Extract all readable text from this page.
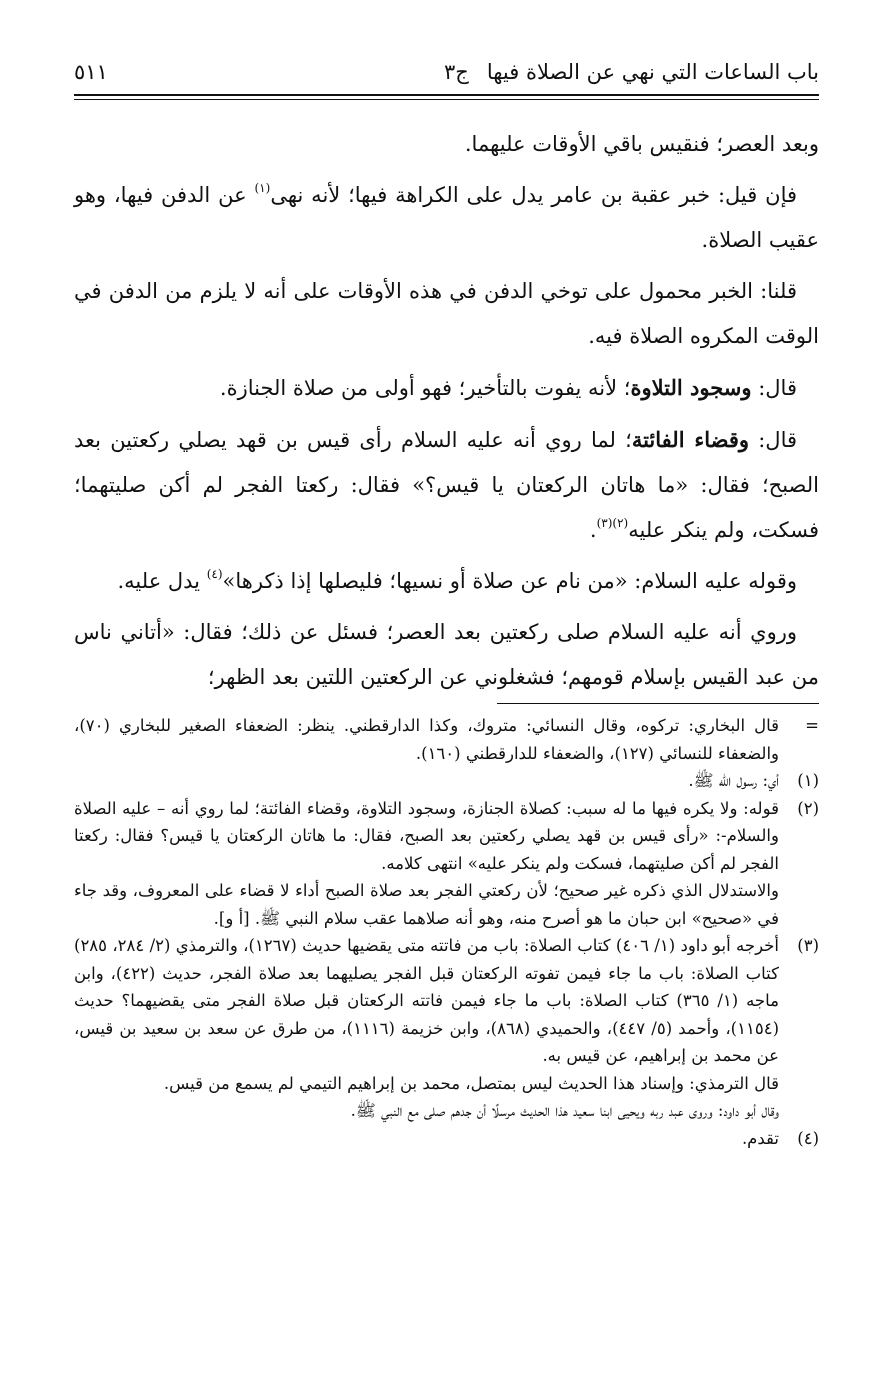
باب الساعات التي نهي عن الصلاة فيها
ج٣
٥١١

وبعد العصر؛ فنقيس باقي الأوقات عليهما.

فإن قيل: خبر عقبة بن عامر يدل على الكراهة فيها؛ لأنه نهى$^{(١)}$ عن الدفن فيها، وهو عقيب الصلاة.

قلنا: الخبر محمول على توخي الدفن في هذه الأوقات على أنه لا يلزم من الدفن في الوقت المكروه الصلاة فيه.

قال: وسجود التلاوة؛ لأنه يفوت بالتأخير؛ فهو أولى من صلاة الجنازة.

قال: وقضاء الفائتة؛ لما روي أنه عليه السلام رأى قيس بن قهد يصلي ركعتين بعد الصبح؛ فقال: «ما هاتان الركعتان يا قيس؟» فقال: ركعتا الفجر لم أكن صليتهما؛ فسكت، ولم ينكر عليه$^{(٢)(٣)}$.

وقوله عليه السلام: «من نام عن صلاة أو نسيها؛ فليصلها إذا ذكرها»$^{(٤)}$ يدل عليه.

وروي أنه عليه السلام صلى ركعتين بعد العصر؛ فسئل عن ذلك؛ فقال: «أتاني ناس من عبد القيس بإسلام قومهم؛ فشغلوني عن الركعتين اللتين بعد الظهر؛

=
قال البخاري: تركوه، وقال النسائي: متروك، وكذا الدارقطني. ينظر: الضعفاء الصغير للبخاري (٧٠)، والضعفاء للنسائي (١٢٧)، والضعفاء للدارقطني (١٦٠).
(١)
أي: رسول الله ﷺ.
(٢)
قوله: ولا يكره فيها ما له سبب: كصلاة الجنازة، وسجود التلاوة، وقضاء الفائتة؛ لما روي أنه – عليه الصلاة والسلام-: «رأى قيس بن قهد يصلي ركعتين بعد الصبح، فقال: ما هاتان الركعتان يا قيس؟ فقال: ركعتا الفجر لم أكن صليتهما، فسكت ولم ينكر عليه» انتهى كلامه.
والاستدلال الذي ذكره غير صحيح؛ لأن ركعتي الفجر بعد صلاة الصبح أداء لا قضاء على المعروف، وقد جاء في «صحيح» ابن حبان ما هو أصرح منه، وهو أنه صلاهما عقب سلام النبي ﷺ. [أ و].
(٣)
أخرجه أبو داود (١/ ٤٠٦) كتاب الصلاة: باب من فاتته متى يقضيها حديث (١٢٦٧)، والترمذي (٢/ ٢٨٤، ٢٨٥) كتاب الصلاة: باب ما جاء فيمن تفوته الركعتان قبل الفجر يصليهما بعد صلاة الفجر، حديث (٤٢٢)، وابن ماجه (١/ ٣٦٥) كتاب الصلاة: باب ما جاء فيمن فاتته الركعتان قبل صلاة الفجر متى يقضيهما؟ حديث (١١٥٤)، وأحمد (٥/ ٤٤٧)، والحميدي (٨٦٨)، وابن خزيمة (١١١٦)، من طرق عن سعد بن سعيد بن قيس، عن محمد بن إبراهيم، عن قيس به.
قال الترمذي: وإسناد هذا الحديث ليس بمتصل، محمد بن إبراهيم التيمي لم يسمع من قيس.
وقال أبو داود: وروى عبد ربه ويحيى ابنا سعيد هذا الحديث مرسلًا أن جدهم صلى مع النبي ﷺ.
(٤)
تقدم.
